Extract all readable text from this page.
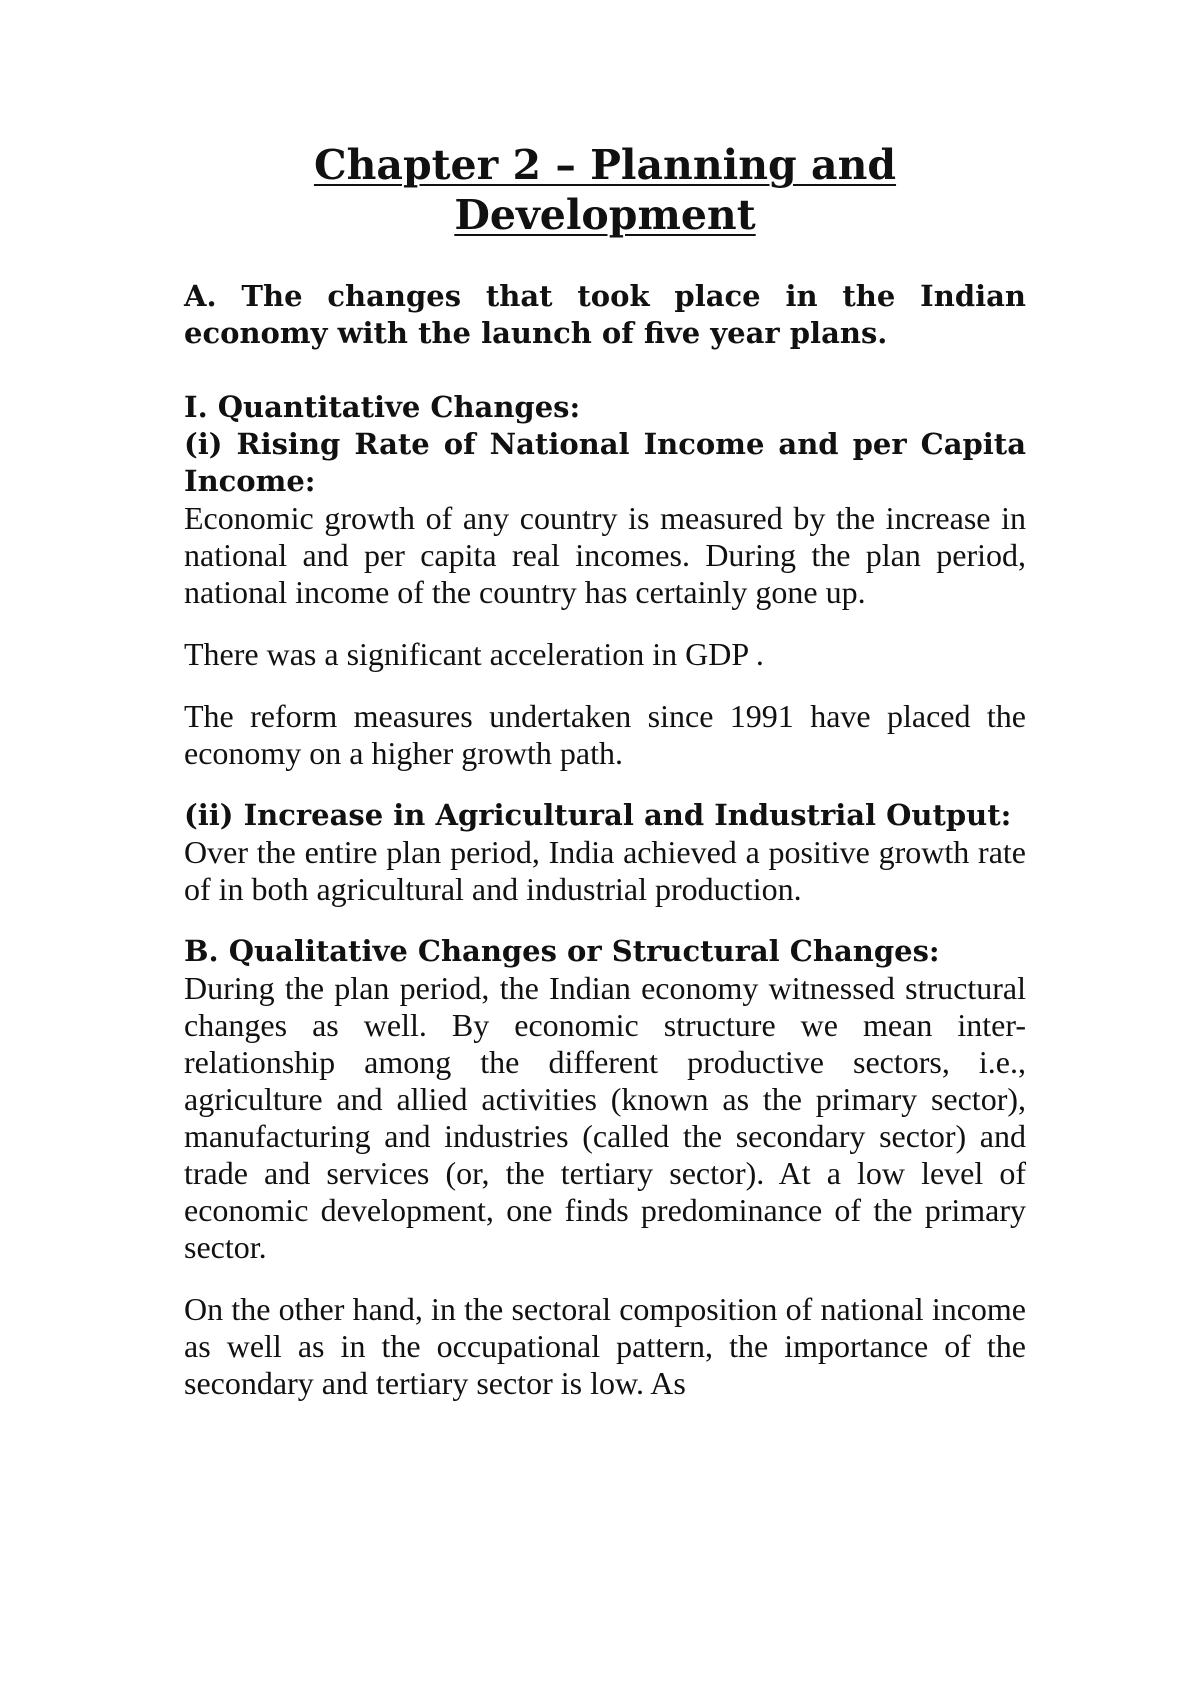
Chapter 2 – Planning and
Development

A. The changes that took place in the Indian economy with the launch of five year plans.

I. Quantitative Changes:

(i) Rising Rate of National Income and per Capita Income:

Economic growth of any country is measured by the increase in national and per capita real incomes. During the plan period, national income of the country has certainly gone up.

There was a significant acceleration in GDP .

The reform measures undertaken since 1991 have placed the economy on a higher growth path.

(ii) Increase in Agricultural and Industrial Output:

Over the entire plan period, India achieved a positive growth rate of in both agricultural and industrial production.

B. Qualitative Changes or Structural Changes:

During the plan period, the Indian economy witnessed structural changes as well. By economic structure we mean inter-relationship among the different productive sectors, i.e., agriculture and allied activities (known as the primary sector), manufacturing and industries (called the secondary sector) and trade and services (or, the tertiary sector). At a low level of economic development, one finds predominance of the primary sector.

On the other hand, in the sectoral composition of national income as well as in the occupational pattern, the importance of the secondary and tertiary sector is low. As
